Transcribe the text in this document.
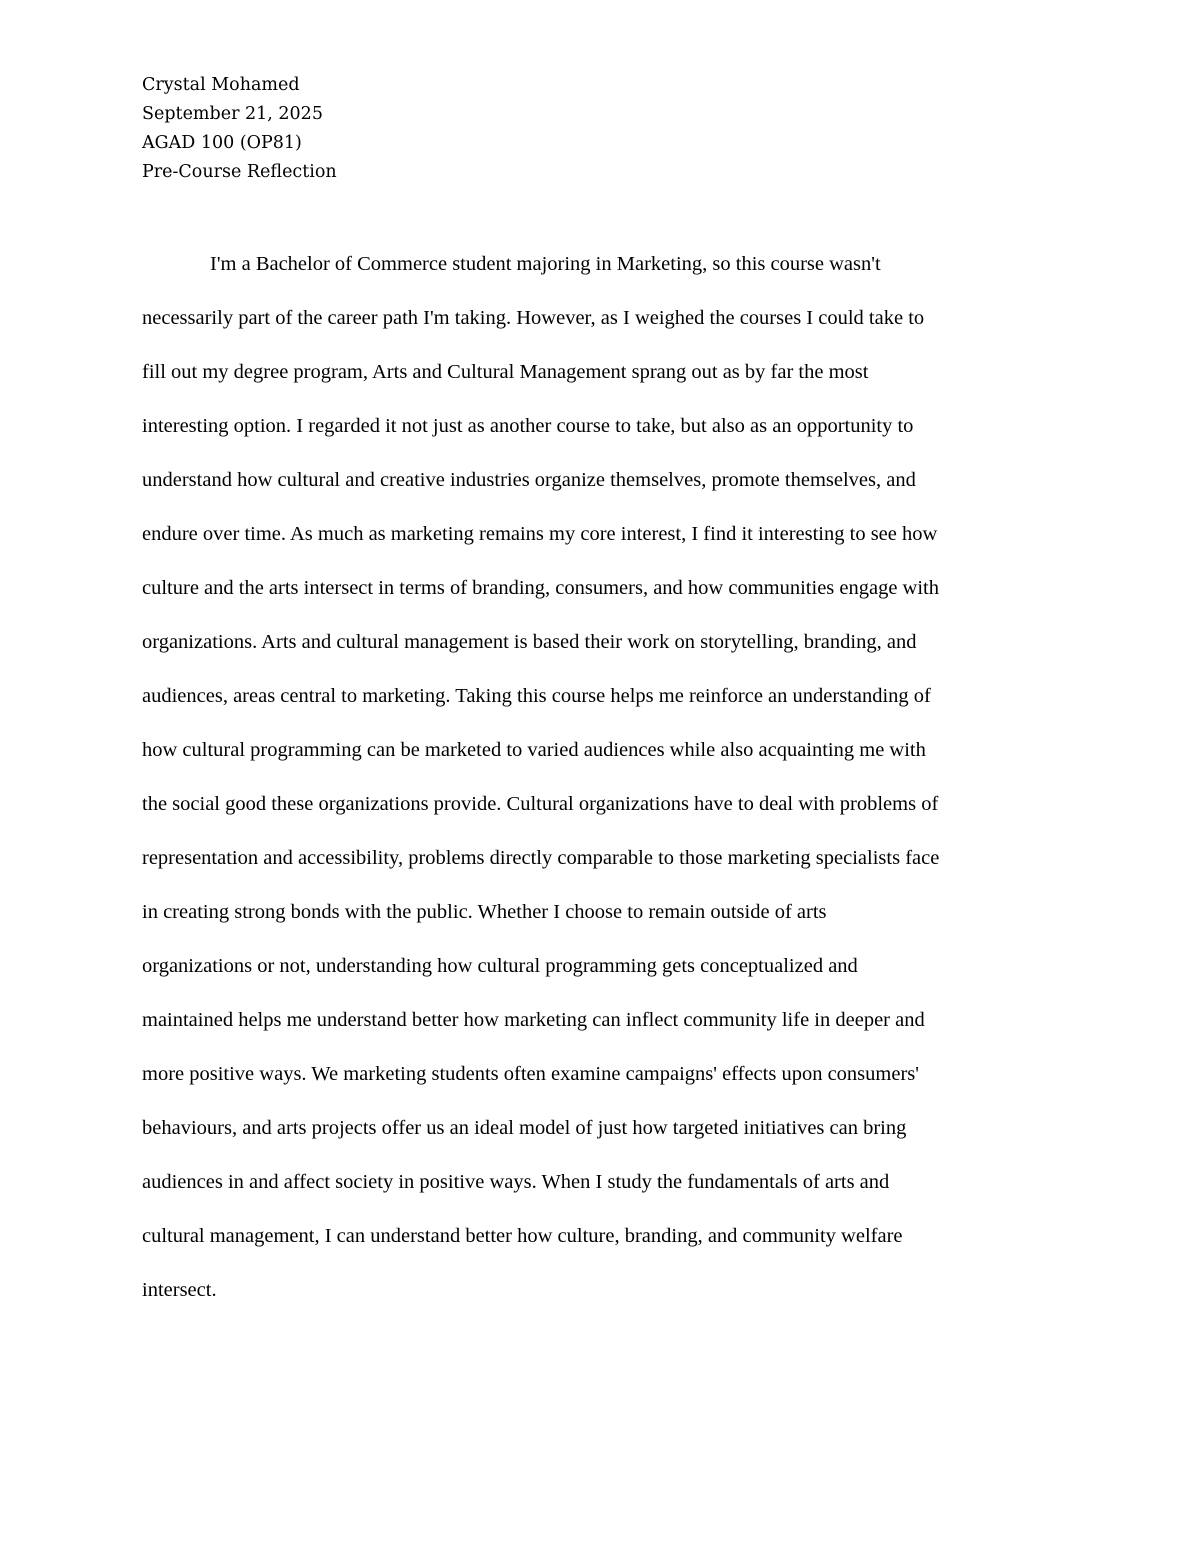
Crystal Mohamed
September 21, 2025
AGAD 100 (OP81)
Pre-Course Reflection
I'm a Bachelor of Commerce student majoring in Marketing, so this course wasn't
necessarily part of the career path I'm taking. However, as I weighed the courses I could take to
fill out my degree program, Arts and Cultural Management sprang out as by far the most
interesting option. I regarded it not just as another course to take, but also as an opportunity to
understand how cultural and creative industries organize themselves, promote themselves, and
endure over time. As much as marketing remains my core interest, I find it interesting to see how
culture and the arts intersect in terms of branding, consumers, and how communities engage with
organizations. Arts and cultural management is based their work on storytelling, branding, and
audiences, areas central to marketing. Taking this course helps me reinforce an understanding of
how cultural programming can be marketed to varied audiences while also acquainting me with
the social good these organizations provide. Cultural organizations have to deal with problems of
representation and accessibility, problems directly comparable to those marketing specialists face
in creating strong bonds with the public. Whether I choose to remain outside of arts
organizations or not, understanding how cultural programming gets conceptualized and
maintained helps me understand better how marketing can inflect community life in deeper and
more positive ways. We marketing students often examine campaigns' effects upon consumers'
behaviours, and arts projects offer us an ideal model of just how targeted initiatives can bring
audiences in and affect society in positive ways. When I study the fundamentals of arts and
cultural management, I can understand better how culture, branding, and community welfare
intersect.
